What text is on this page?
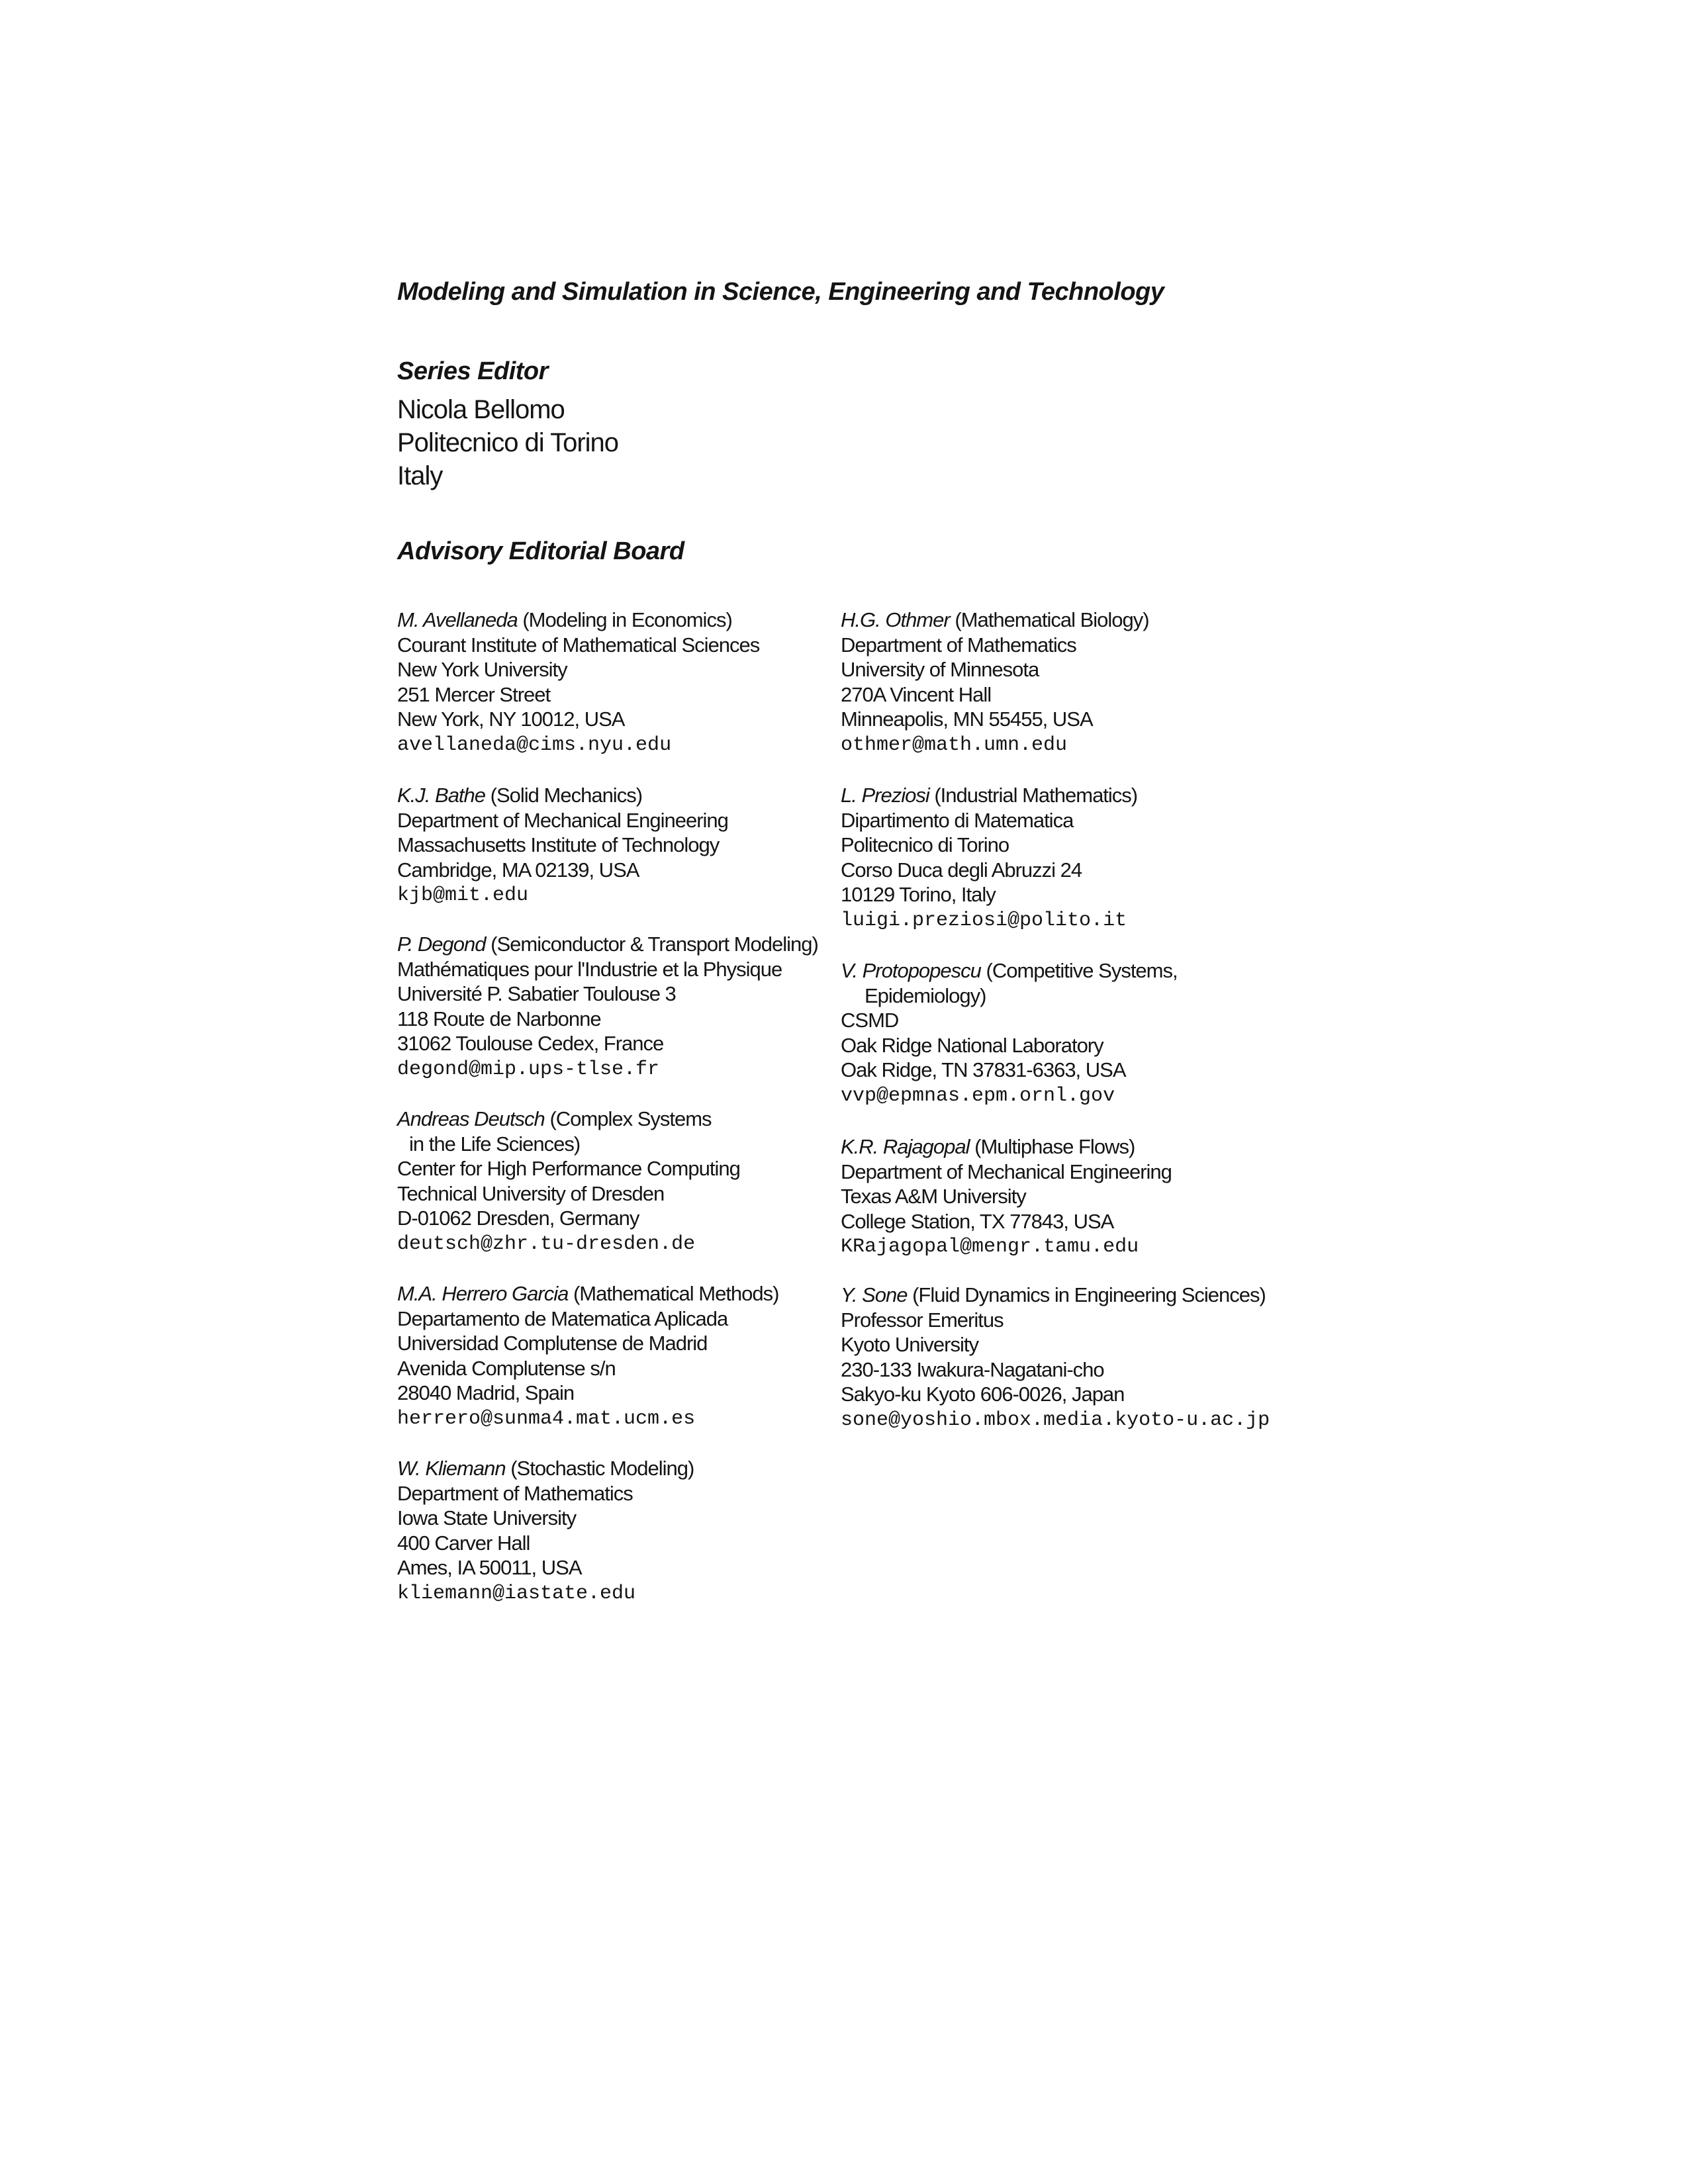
Modeling and Simulation in Science, Engineering and Technology
Series Editor
Nicola Bellomo
Politecnico di Torino
Italy
Advisory Editorial Board
M. Avellaneda (Modeling in Economics)
Courant Institute of Mathematical Sciences
New York University
251 Mercer Street
New York, NY 10012, USA
avellaneda@cims.nyu.edu
K.J. Bathe (Solid Mechanics)
Department of Mechanical Engineering
Massachusetts Institute of Technology
Cambridge, MA 02139, USA
kjb@mit.edu
P. Degond (Semiconductor & Transport Modeling)
Mathématiques pour l'Industrie et la Physique
Université P. Sabatier Toulouse 3
118 Route de Narbonne
31062 Toulouse Cedex, France
degond@mip.ups-tlse.fr
Andreas Deutsch (Complex Systems
in the Life Sciences)
Center for High Performance Computing
Technical University of Dresden
D-01062 Dresden, Germany
deutsch@zhr.tu-dresden.de
M.A. Herrero Garcia (Mathematical Methods)
Departamento de Matematica Aplicada
Universidad Complutense de Madrid
Avenida Complutense s/n
28040 Madrid, Spain
herrero@sunma4.mat.ucm.es
W. Kliemann (Stochastic Modeling)
Department of Mathematics
Iowa State University
400 Carver Hall
Ames, IA 50011, USA
kliemann@iastate.edu
H.G. Othmer (Mathematical Biology)
Department of Mathematics
University of Minnesota
270A Vincent Hall
Minneapolis, MN 55455, USA
othmer@math.umn.edu
L. Preziosi (Industrial Mathematics)
Dipartimento di Matematica
Politecnico di Torino
Corso Duca degli Abruzzi 24
10129 Torino, Italy
luigi.preziosi@polito.it
V. Protopopescu (Competitive Systems,
Epidemiology)
CSMD
Oak Ridge National Laboratory
Oak Ridge, TN 37831-6363, USA
vvp@epmnas.epm.ornl.gov
K.R. Rajagopal (Multiphase Flows)
Department of Mechanical Engineering
Texas A&M University
College Station, TX 77843, USA
KRajagopal@mengr.tamu.edu
Y. Sone (Fluid Dynamics in Engineering Sciences)
Professor Emeritus
Kyoto University
230-133 Iwakura-Nagatani-cho
Sakyo-ku Kyoto 606-0026, Japan
sone@yoshio.mbox.media.kyoto-u.ac.jp
